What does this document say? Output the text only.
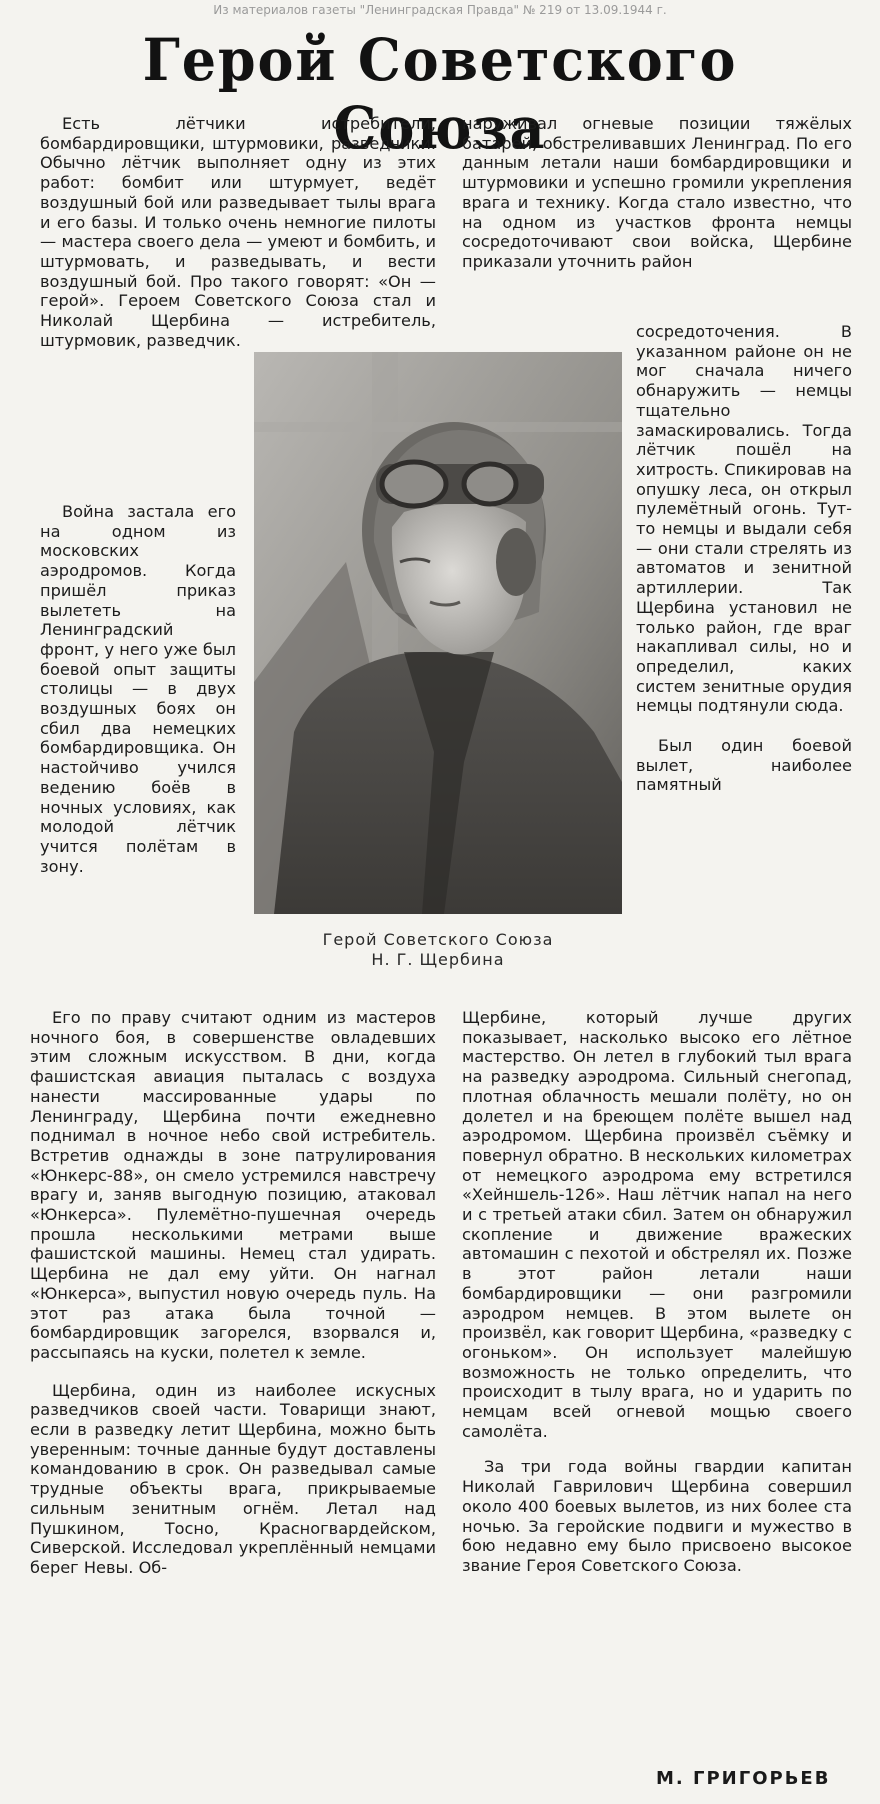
Из материалов газеты "Ленинградская Правда" № 219 от 13.09.1944 г.
Герой Советского Союза

Есть лётчики истребители, бомбардировщики, штурмовики, разведчики. Обычно лётчик выполняет одну из этих работ: бомбит или штурмует, ведёт воздушный бой или разведывает тылы врага и его базы. И только очень немногие пилоты — мастера своего дела — умеют и бомбить, и штурмовать, и разведывать, и вести воздушный бой. Про такого говорят: «Он — герой». Героем Советского Союза стал и Николай Щербина — истребитель, штурмовик, разведчик.

Война застала его на одном из московских аэродромов. Когда пришёл приказ вылететь на Ленинградский фронт, у него уже был боевой опыт защиты столицы — в двух воздушных боях он сбил два немецких бомбардировщика. Он настойчиво учился ведению боёв в ночных условиях, как молодой лётчик учится полётам в зону.

наруживал огневые позиции тяжёлых батарей, обстреливавших Ленинград. По его данным летали наши бомбардировщики и штурмовики и успешно громили укрепления врага и технику. Когда стало известно, что на одном из участков фронта немцы сосредоточивают свои войска, Щербине приказали уточнить район

сосредоточения. В указанном районе он не мог сначала ничего обнаружить — немцы тщательно замаскировались. Тогда лётчик пошёл на хитрость. Спикировав на опушку леса, он открыл пулемётный огонь. Тут-то немцы и выдали себя — они стали стрелять из автоматов и зенитной артиллерии. Так Щербина установил не только район, где враг накапливал силы, но и определил, каких систем зенитные орудия немцы подтянули сюда.

Был один боевой вылет, наиболее памятный

Герой Советского Союза
Н. Г. Щербина

Его по праву считают одним из мастеров ночного боя, в совершенстве овладевших этим сложным искусством. В дни, когда фашистская авиация пыталась с воздуха нанести массированные удары по Ленинграду, Щербина почти ежедневно поднимал в ночное небо свой истребитель. Встретив однажды в зоне патрулирования «Юнкерс-88», он смело устремился навстречу врагу и, заняв выгодную позицию, атаковал «Юнкерса». Пулемётно-пушечная очередь прошла несколькими метрами выше фашистской машины. Немец стал удирать. Щербина не дал ему уйти. Он нагнал «Юнкерса», выпустил новую очередь пуль. На этот раз атака была точной — бомбардировщик загорелся, взорвался и, рассыпаясь на куски, полетел к земле.

Щербина, один из наиболее искусных разведчиков своей части. Товарищи знают, если в разведку летит Щербина, можно быть уверенным: точные данные будут доставлены командованию в срок. Он разведывал самые трудные объекты врага, прикрываемые сильным зенитным огнём. Летал над Пушкином, Тосно, Красногвардейском, Сиверской. Исследовал укреплённый немцами берег Невы. Об-

Щербине, который лучше других показывает, насколько высоко его лётное мастерство. Он летел в глубокий тыл врага на разведку аэродрома. Сильный снегопад, плотная облачность мешали полёту, но он долетел и на бреющем полёте вышел над аэродромом. Щербина произвёл съёмку и повернул обратно. В нескольких километрах от немецкого аэродрома ему встретился «Хейншель-126». Наш лётчик напал на него и с третьей атаки сбил. Затем он обнаружил скопление и движение вражеских автомашин с пехотой и обстрелял их. Позже в этот район летали наши бомбардировщики — они разгромили аэродром немцев. В этом вылете он произвёл, как говорит Щербина, «разведку с огоньком». Он использует малейшую возможность не только определить, что происходит в тылу врага, но и ударить по немцам всей огневой мощью своего самолёта.

За три года войны гвардии капитан Николай Гаврилович Щербина совершил около 400 боевых вылетов, из них более ста ночью. За геройские подвиги и мужество в бою недавно ему было присвоено высокое звание Героя Советского Союза.

М. ГРИГОРЬЕВ
